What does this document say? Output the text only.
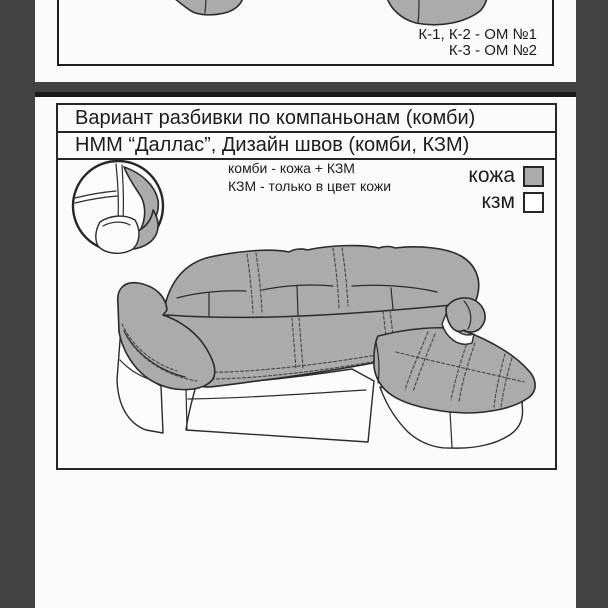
К-1, К-2 - ОМ №1
К-3 - ОМ №2
Вариант разбивки по компаньонам (комби)
НММ “Даллас”, Дизайн швов (комби, КЗМ)
комби - кожа + КЗМ
КЗМ - только в цвет кожи	кожа
кзм
